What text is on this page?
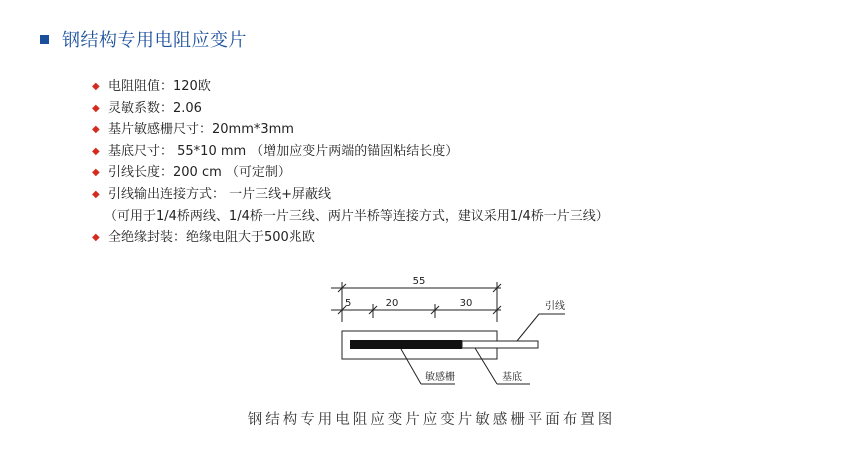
钢结构专用电阻应变片
◆ 电阻阻值：120欧
◆ 灵敏系数：2.06
◆ 基片敏感栅尺寸：20mm*3mm
◆ 基底尺寸： 55*10 mm （增加应变片两端的锚固粘结长度）
◆ 引线长度：200 cm （可定制）
◆ 引线输出连接方式： 一片三线+屏蔽线
（可用于1/4桥两线、1/4桥一片三线、两片半桥等连接方式，建议采用1/4桥一片三线）
◆ 全绝缘封装：绝缘电阻大于500兆欧
55
5	20	30	引线
敏感栅	基底
钢结构专用电阻应变片应变片敏感栅平面布置图
